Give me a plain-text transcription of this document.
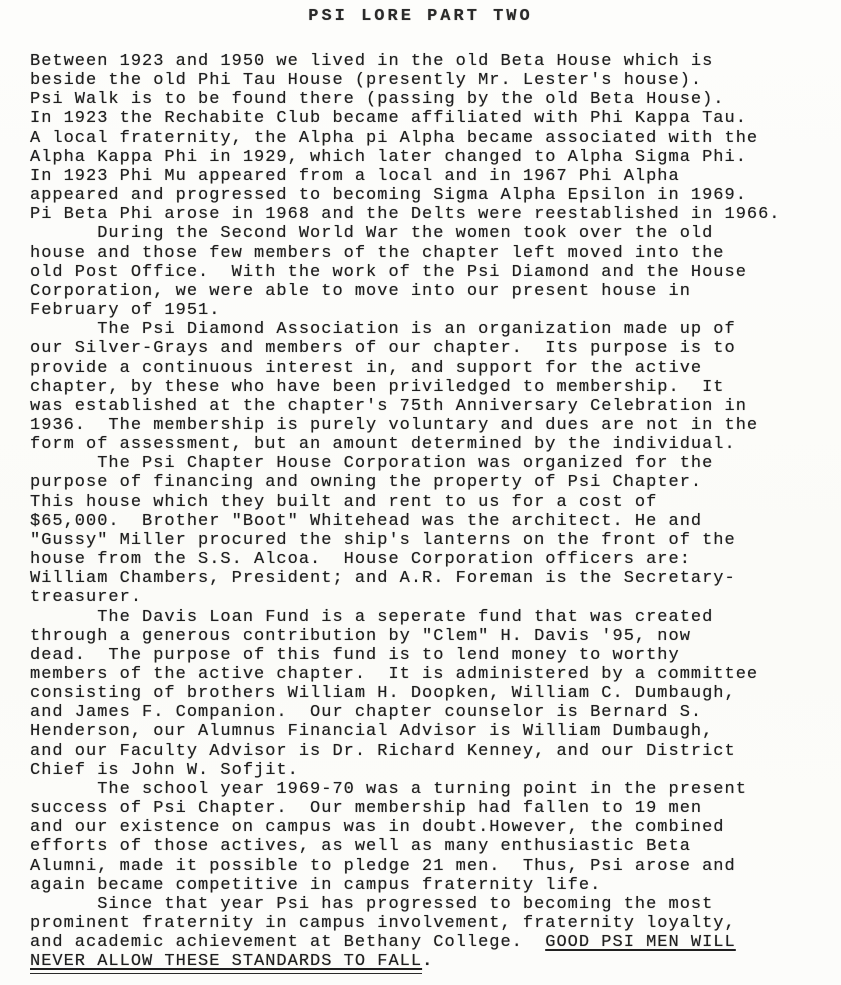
PSI LORE PART TWO
Between 1923 and 1950 we lived in the old Beta House which is
beside the old Phi Tau House (presently Mr. Lester's house).
Psi Walk is to be found there (passing by the old Beta House).
In 1923 the Rechabite Club became affiliated with Phi Kappa Tau.
A local fraternity, the Alpha pi Alpha became associated with the
Alpha Kappa Phi in 1929, which later changed to Alpha Sigma Phi.
In 1923 Phi Mu appeared from a local and in 1967 Phi Alpha
appeared and progressed to becoming Sigma Alpha Epsilon in 1969.
Pi Beta Phi arose in 1968 and the Delts were reestablished in 1966.
During the Second World War the women took over the old
house and those few members of the chapter left moved into the
old Post Office.  With the work of the Psi Diamond and the House
Corporation, we were able to move into our present house in
February of 1951.
The Psi Diamond Association is an organization made up of
our Silver-Grays and members of our chapter.  Its purpose is to
provide a continuous interest in, and support for the active
chapter, by these who have been priviledged to membership.  It
was established at the chapter's 75th Anniversary Celebration in
1936.  The membership is purely voluntary and dues are not in the
form of assessment, but an amount determined by the individual.
The Psi Chapter House Corporation was organized for the
purpose of financing and owning the property of Psi Chapter.
This house which they built and rent to us for a cost of
$65,000.  Brother "Boot" Whitehead was the architect. He and
"Gussy" Miller procured the ship's lanterns on the front of the
house from the S.S. Alcoa.  House Corporation officers are:
William Chambers, President; and A.R. Foreman is the Secretary-
treasurer.
The Davis Loan Fund is a seperate fund that was created
through a generous contribution by "Clem" H. Davis '95, now
dead.  The purpose of this fund is to lend money to worthy
members of the active chapter.  It is administered by a committee
consisting of brothers William H. Doopken, William C. Dumbaugh,
and James F. Companion.  Our chapter counselor is Bernard S.
Henderson, our Alumnus Financial Advisor is William Dumbaugh,
and our Faculty Advisor is Dr. Richard Kenney, and our District
Chief is John W. Sofjit.
The school year 1969-70 was a turning point in the present
success of Psi Chapter.  Our membership had fallen to 19 men
and our existence on campus was in doubt.However, the combined
efforts of those actives, as well as many enthusiastic Beta
Alumni, made it possible to pledge 21 men.  Thus, Psi arose and
again became competitive in campus fraternity life.
Since that year Psi has progressed to becoming the most
prominent fraternity in campus involvement, fraternity loyalty,
and academic achievement at Bethany College.  GOOD PSI MEN WILL
NEVER ALLOW THESE STANDARDS TO FALL.
